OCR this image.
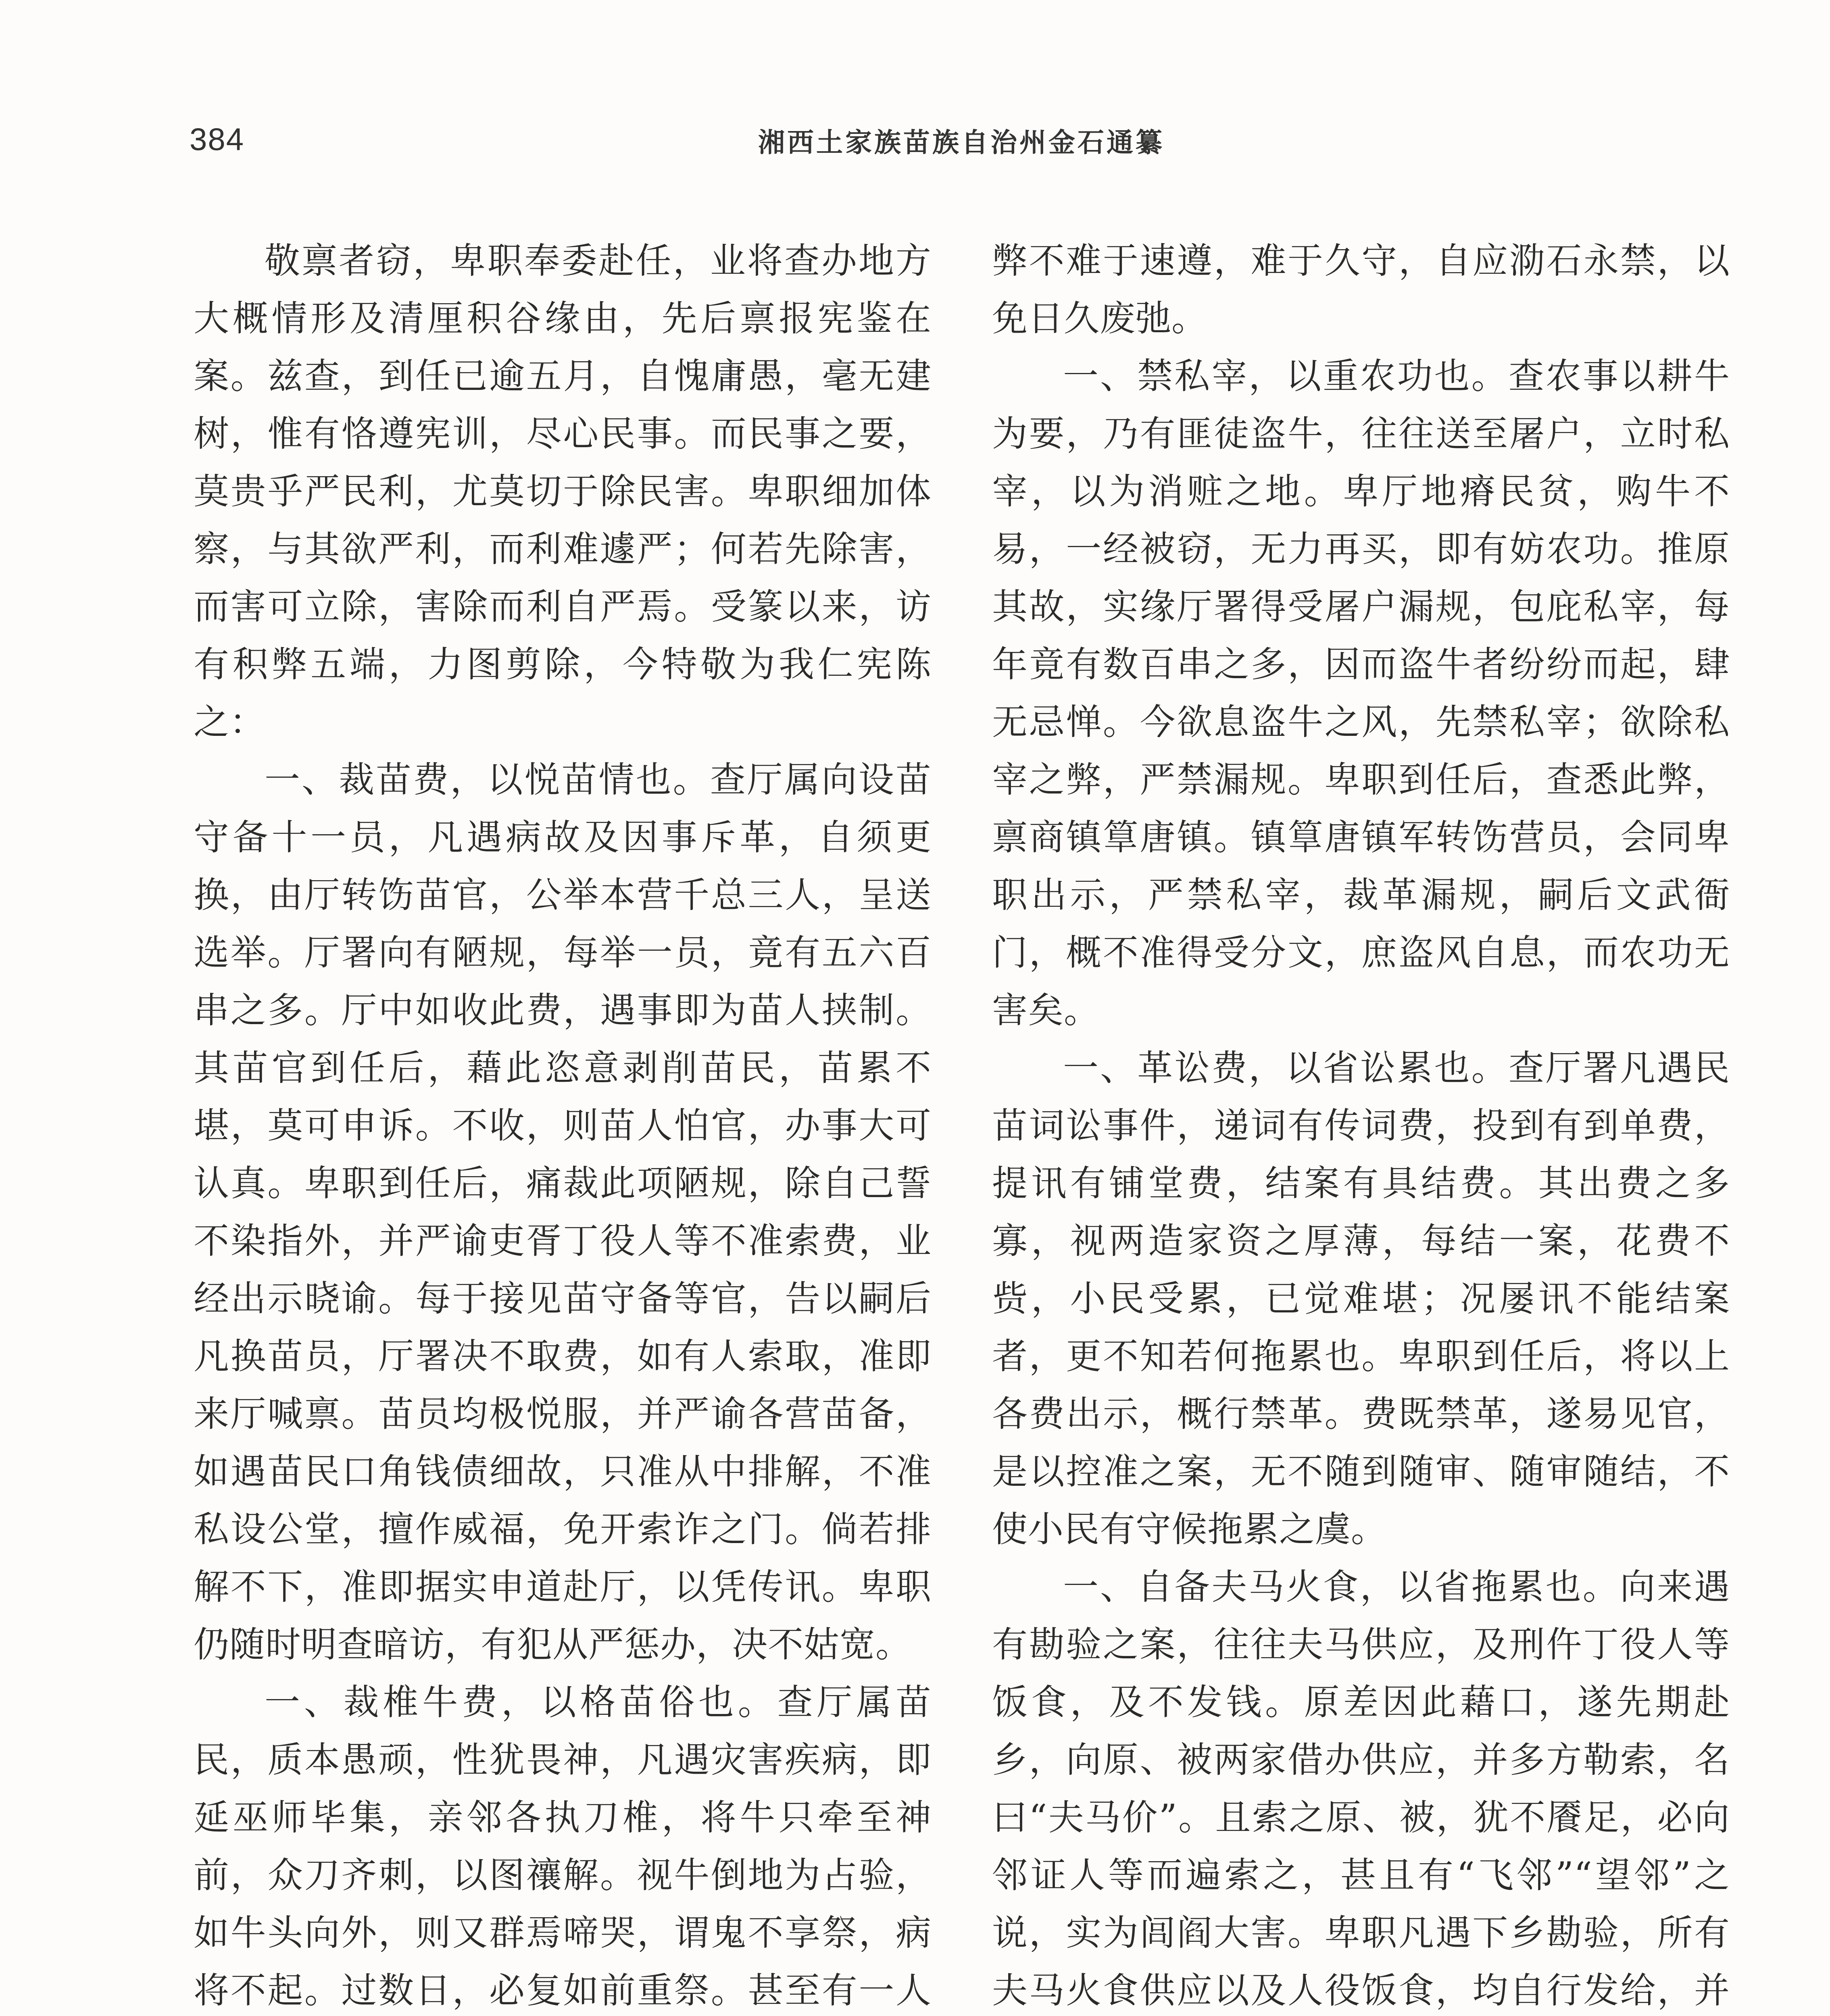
384	湘西土家族苗族自治州金石通纂

敬禀者窃，卑职奉委赴任，业将查办地方大概情形及清厘积谷缘由，先后禀报宪鉴在案。兹查，到任已逾五月，自愧庸愚，毫无建树，惟有恪遵宪训，尽心民事。而民事之要，莫贵乎严民利，尤莫切于除民害。卑职细加体察，与其欲严利，而利难遽严；何若先除害，而害可立除，害除而利自严焉。受篆以来，访有积弊五端，力图剪除，今特敬为我仁宪陈之：

一、裁苗费，以悦苗情也。查厅属向设苗守备十一员，凡遇病故及因事斥革，自须更换，由厅转饬苗官，公举本营千总三人，呈送选举。厅署向有陋规，每举一员，竟有五六百串之多。厅中如收此费，遇事即为苗人挟制。其苗官到任后，藉此恣意剥削苗民，苗累不堪，莫可申诉。不收，则苗人怕官，办事大可认真。卑职到任后，痛裁此项陋规，除自己誓不染指外，并严谕吏胥丁役人等不准索费，业经出示晓谕。每于接见苗守备等官，告以嗣后凡换苗员，厅署决不取费，如有人索取，准即来厅喊禀。苗员均极悦服，并严谕各营苗备，如遇苗民口角钱债细故，只准从中排解，不准私设公堂，擅作威福，免开索诈之门。倘若排解不下，准即据实申道赴厅，以凭传讯。卑职仍随时明查暗访，有犯从严惩办，决不姑宽。

一、裁椎牛费，以格苗俗也。查厅属苗民，质本愚顽，性犹畏神，凡遇灾害疾病，即延巫师毕集，亲邻各执刀椎，将牛只牵至神前，众刀齐刺，以图禳解。视牛倒地为占验，如牛头向外，则又群焉啼哭，谓鬼不享祭，病将不起。过数日，必复如前重祭。甚至有一人

弊不难于速遵，难于久守，自应泐石永禁，以免日久废弛。

一、禁私宰，以重农功也。查农事以耕牛为要，乃有匪徒盗牛，往往送至屠户，立时私宰，以为消赃之地。卑厅地瘠民贫，购牛不易，一经被窃，无力再买，即有妨农功。推原其故，实缘厅署得受屠户漏规，包庇私宰，每年竟有数百串之多，因而盗牛者纷纷而起，肆无忌惮。今欲息盗牛之风，先禁私宰；欲除私宰之弊，严禁漏规。卑职到任后，查悉此弊，禀商镇筸唐镇。镇筸唐镇军转饬营员，会同卑职出示，严禁私宰，裁革漏规，嗣后文武衙门，概不准得受分文，庶盗风自息，而农功无害矣。

一、革讼费，以省讼累也。查厅署凡遇民苗词讼事件，递词有传词费，投到有到单费，提讯有铺堂费，结案有具结费。其出费之多寡，视两造家资之厚薄，每结一案，花费不赀，小民受累，已觉难堪；况屡讯不能结案者，更不知若何拖累也。卑职到任后，将以上各费出示，概行禁革。费既禁革，遂易见官，是以控准之案，无不随到随审、随审随结，不使小民有守候拖累之虞。

一、自备夫马火食，以省拖累也。向来遇有勘验之案，往往夫马供应，及刑仵丁役人等饭食，及不发钱。原差因此藉口，遂先期赴乡，向原、被两家借办供应，并多方勒索，名曰“夫马价”。且索之原、被，犹不餍足，必向邻证人等而遍索之，甚且有“飞邻”“望邻”之说，实为闾阎大害。卑职凡遇下乡勘验，所有夫马火食供应以及人役饭食，均自行发给，并
